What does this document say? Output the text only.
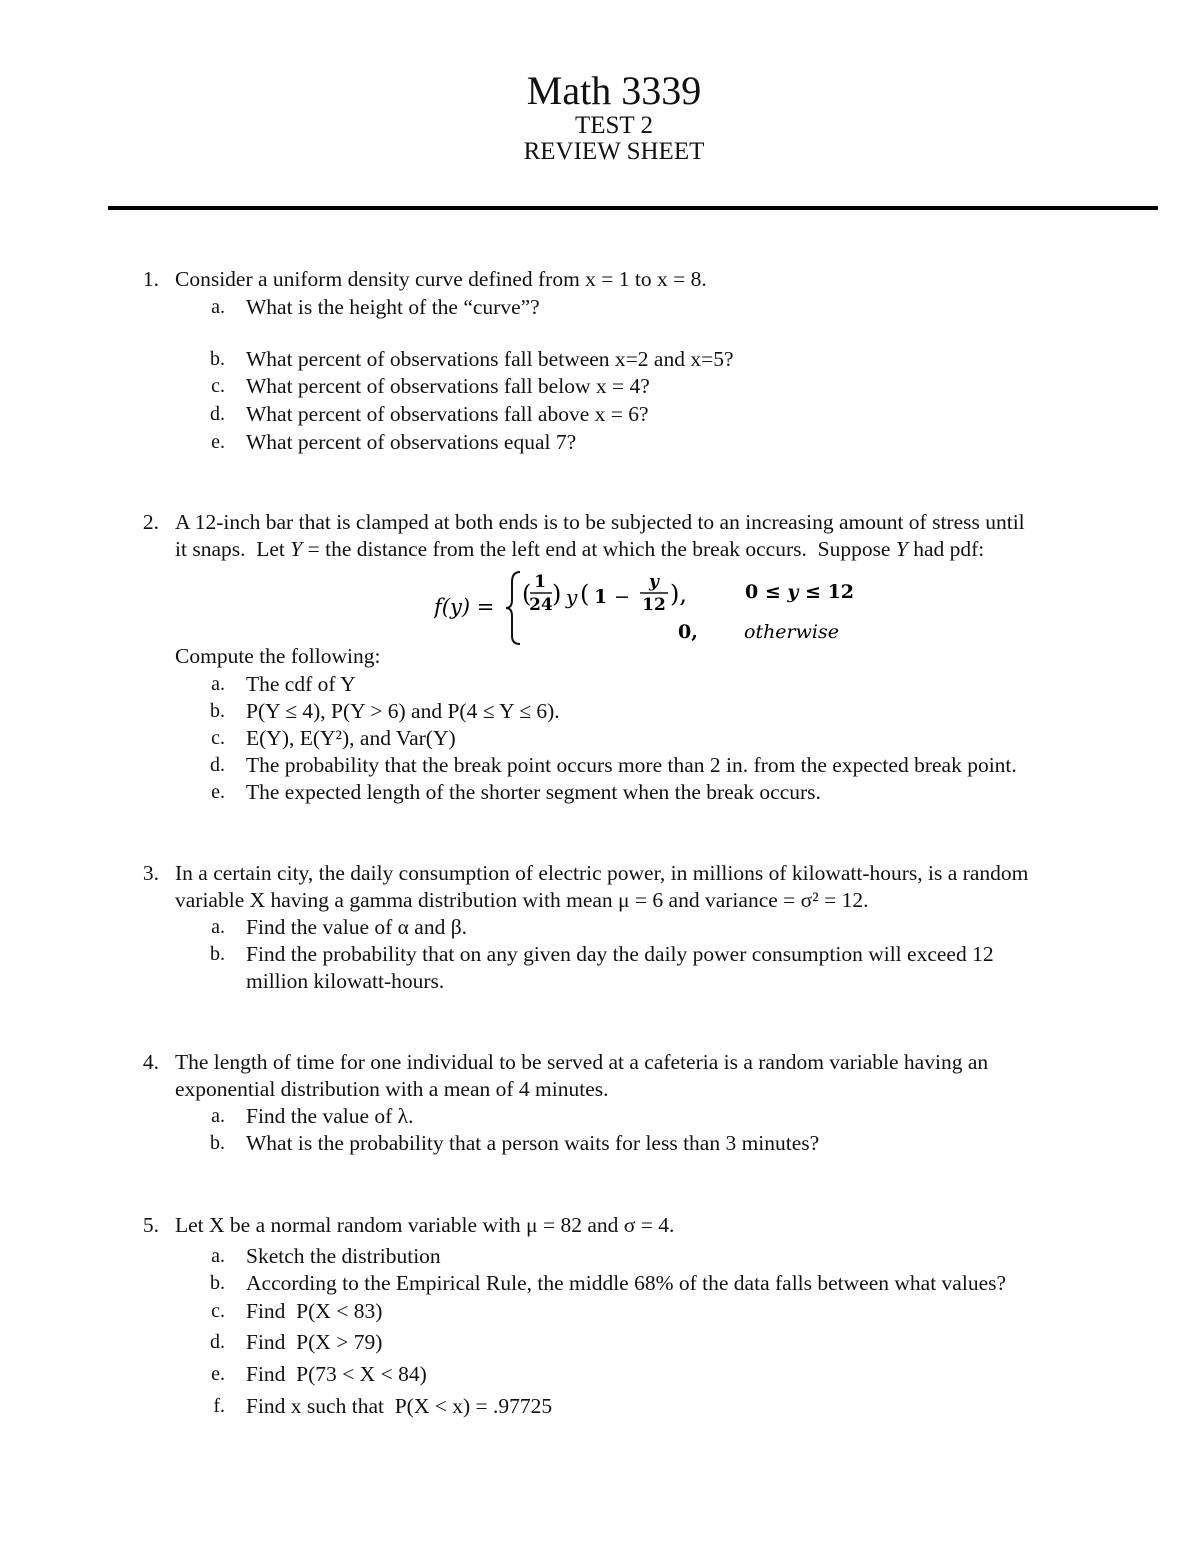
Math 3339
TEST 2
REVIEW SHEET
1. Consider a uniform density curve defined from x = 1 to x = 8.
a. What is the height of the “curve”?
b. What percent of observations fall between x=2 and x=5?
c. What percent of observations fall below x = 4?
d. What percent of observations fall above x = 6?
e. What percent of observations equal 7?
2. A 12-inch bar that is clamped at both ends is to be subjected to an increasing amount of stress until
it snaps.  Let Y = the distance from the left end at which the break occurs.  Suppose Y had pdf:
f(y) = ( 1
24 ) y ( 1 −
y
12 ),	0 ≤ y ≤ 12
0, otherwise
Compute the following:
a. The cdf of Y
b. P(Y ≤ 4), P(Y > 6) and P(4 ≤ Y ≤ 6).
c. E(Y), E(Y²), and Var(Y)
d. The probability that the break point occurs more than 2 in. from the expected break point.
e. The expected length of the shorter segment when the break occurs.
3. In a certain city, the daily consumption of electric power, in millions of kilowatt-hours, is a random
variable X having a gamma distribution with mean μ = 6 and variance = σ² = 12.
a. Find the value of α and β.
b. Find the probability that on any given day the daily power consumption will exceed 12
million kilowatt-hours.
4. The length of time for one individual to be served at a cafeteria is a random variable having an
exponential distribution with a mean of 4 minutes.
a. Find the value of λ.
b. What is the probability that a person waits for less than 3 minutes?
5. Let X be a normal random variable with μ = 82 and σ = 4.
a. Sketch the distribution
b. According to the Empirical Rule, the middle 68% of the data falls between what values?
c. Find  P(X < 83)
d. Find  P(X > 79)
e. Find  P(73 < X < 84)
f. Find x such that  P(X < x) = .97725
